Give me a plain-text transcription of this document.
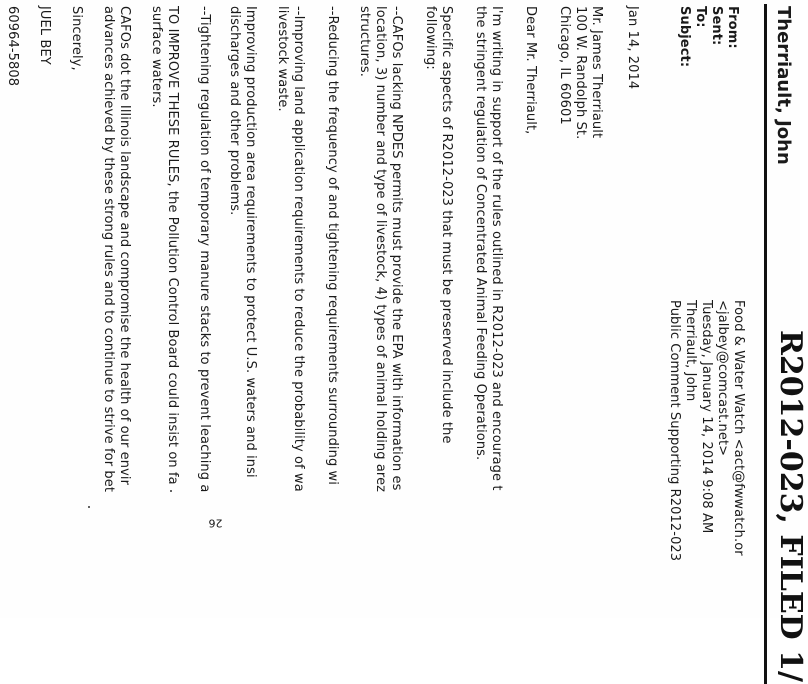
R2012-023, FILED 1/
Therriault, John
From:
Sent:
To:
Subject:
Food & Water Watch <act@fwwatch.or
<jalbey@comcast.net>
Tuesday, January 14, 2014 9:08 AM
Therriault, John
Public Comment Supporting R2012-023
Jan 14, 2014
Mr. James Therriault
100 W. Randolph St.
Chicago, IL 60601
Dear Mr. Therriault,
I'm writing in support of the rules outlined in R2012-023 and encourage t
the stringent regulation of Concentrated Animal Feeding Operations.
Specific aspects of R2012-023 that must be preserved include the
following:
--CAFOs lacking NPDES permits must provide the EPA with information es
location, 3) number and type of livestock, 4) types of animal holding arez
structures.
--Reducing the frequency of and tightening requirements surrounding wi
--Improving land application requirements to reduce the probability of wa
livestock waste.
Improving production area requirements to protect U.S. waters and insi
discharges and other problems.
--Tightening regulation of temporary manure stacks to prevent leaching a
TO IMPROVE THESE RULES, the Pollution Control Board could insist on fa
surface waters.
CAFOs dot the Illinois landscape and compromise the health of our envir
advances achieved by these strong rules and to continue to strive for bet
Sincerely,
JUEL BEY
60964-5808
26
